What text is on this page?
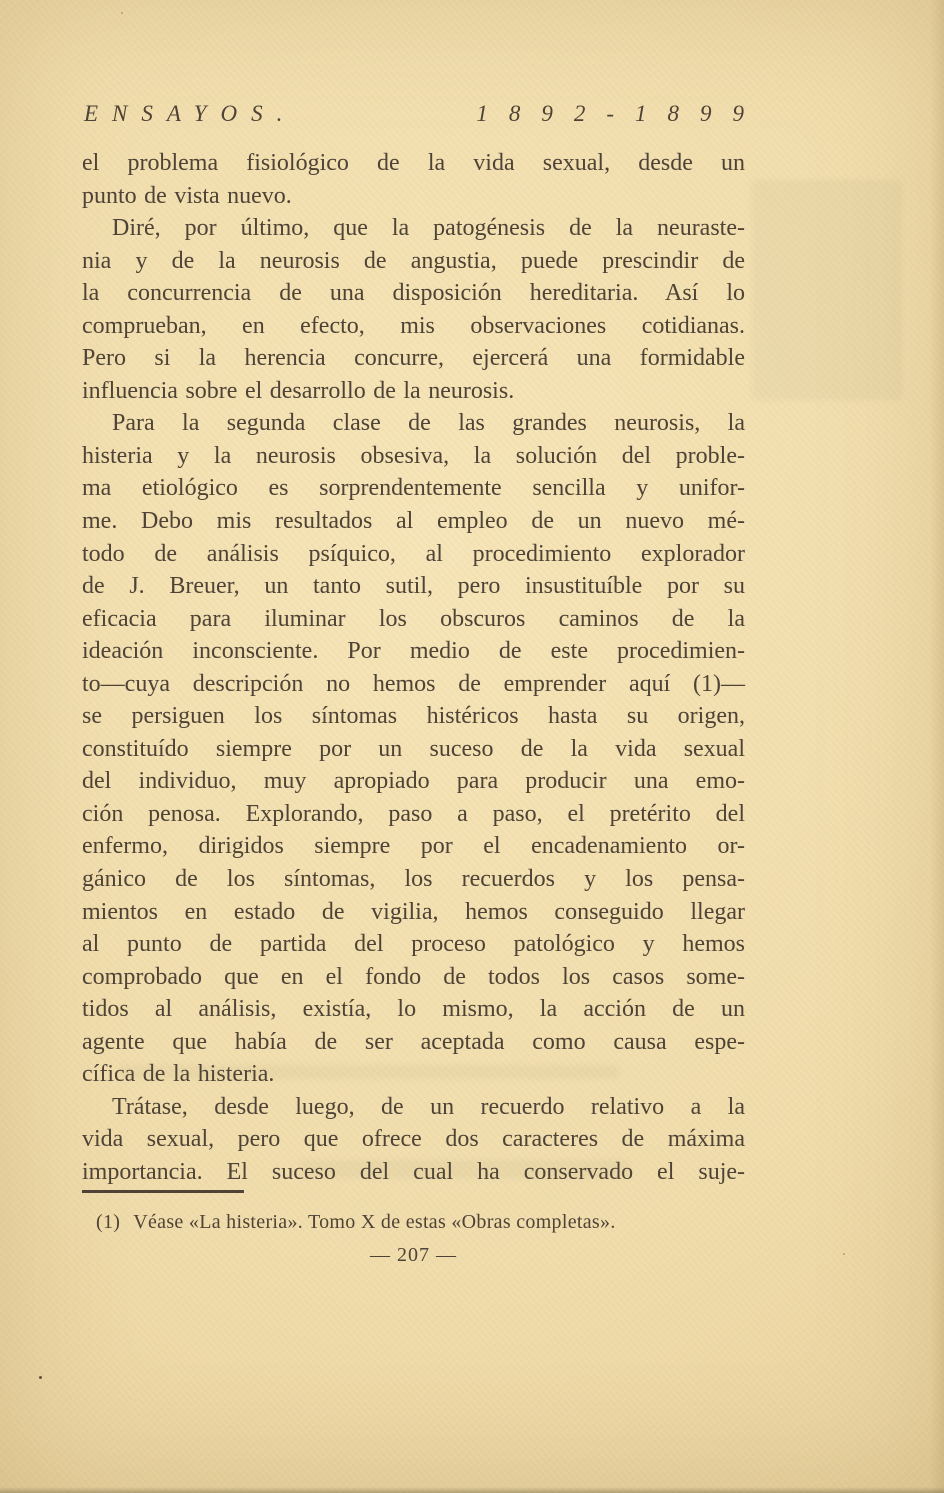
ENSAYOS.	1892-1899
el problema fisiológico de la vida sexual, desde un
punto de vista nuevo.
Diré, por último, que la patogénesis de la neuraste-
nia y de la neurosis de angustia, puede prescindir de
la concurrencia de una disposición hereditaria. Así lo
comprueban, en efecto, mis observaciones cotidianas.
Pero si la herencia concurre, ejercerá una formidable
influencia sobre el desarrollo de la neurosis.
Para la segunda clase de las grandes neurosis, la
histeria y la neurosis obsesiva, la solución del proble-
ma etiológico es sorprendentemente sencilla y unifor-
me. Debo mis resultados al empleo de un nuevo mé-
todo de análisis psíquico, al procedimiento explorador
de J. Breuer, un tanto sutil, pero insustituíble por su
eficacia para iluminar los obscuros caminos de la
ideación inconsciente. Por medio de este procedimien-
to—cuya descripción no hemos de emprender aquí (1)—
se persiguen los síntomas histéricos hasta su origen,
constituído siempre por un suceso de la vida sexual
del individuo, muy apropiado para producir una emo-
ción penosa. Explorando, paso a paso, el pretérito del
enfermo, dirigidos siempre por el encadenamiento or-
gánico de los síntomas, los recuerdos y los pensa-
mientos en estado de vigilia, hemos conseguido llegar
al punto de partida del proceso patológico y hemos
comprobado que en el fondo de todos los casos some-
tidos al análisis, existía, lo mismo, la acción de un
agente que había de ser aceptada como causa espe-
cífica de la histeria.
Trátase, desde luego, de un recuerdo relativo a la
vida sexual, pero que ofrece dos caracteres de máxima
importancia. El suceso del cual ha conservado el suje-
(1) Véase «La histeria». Tomo X de estas «Obras completas».
— 207 —
